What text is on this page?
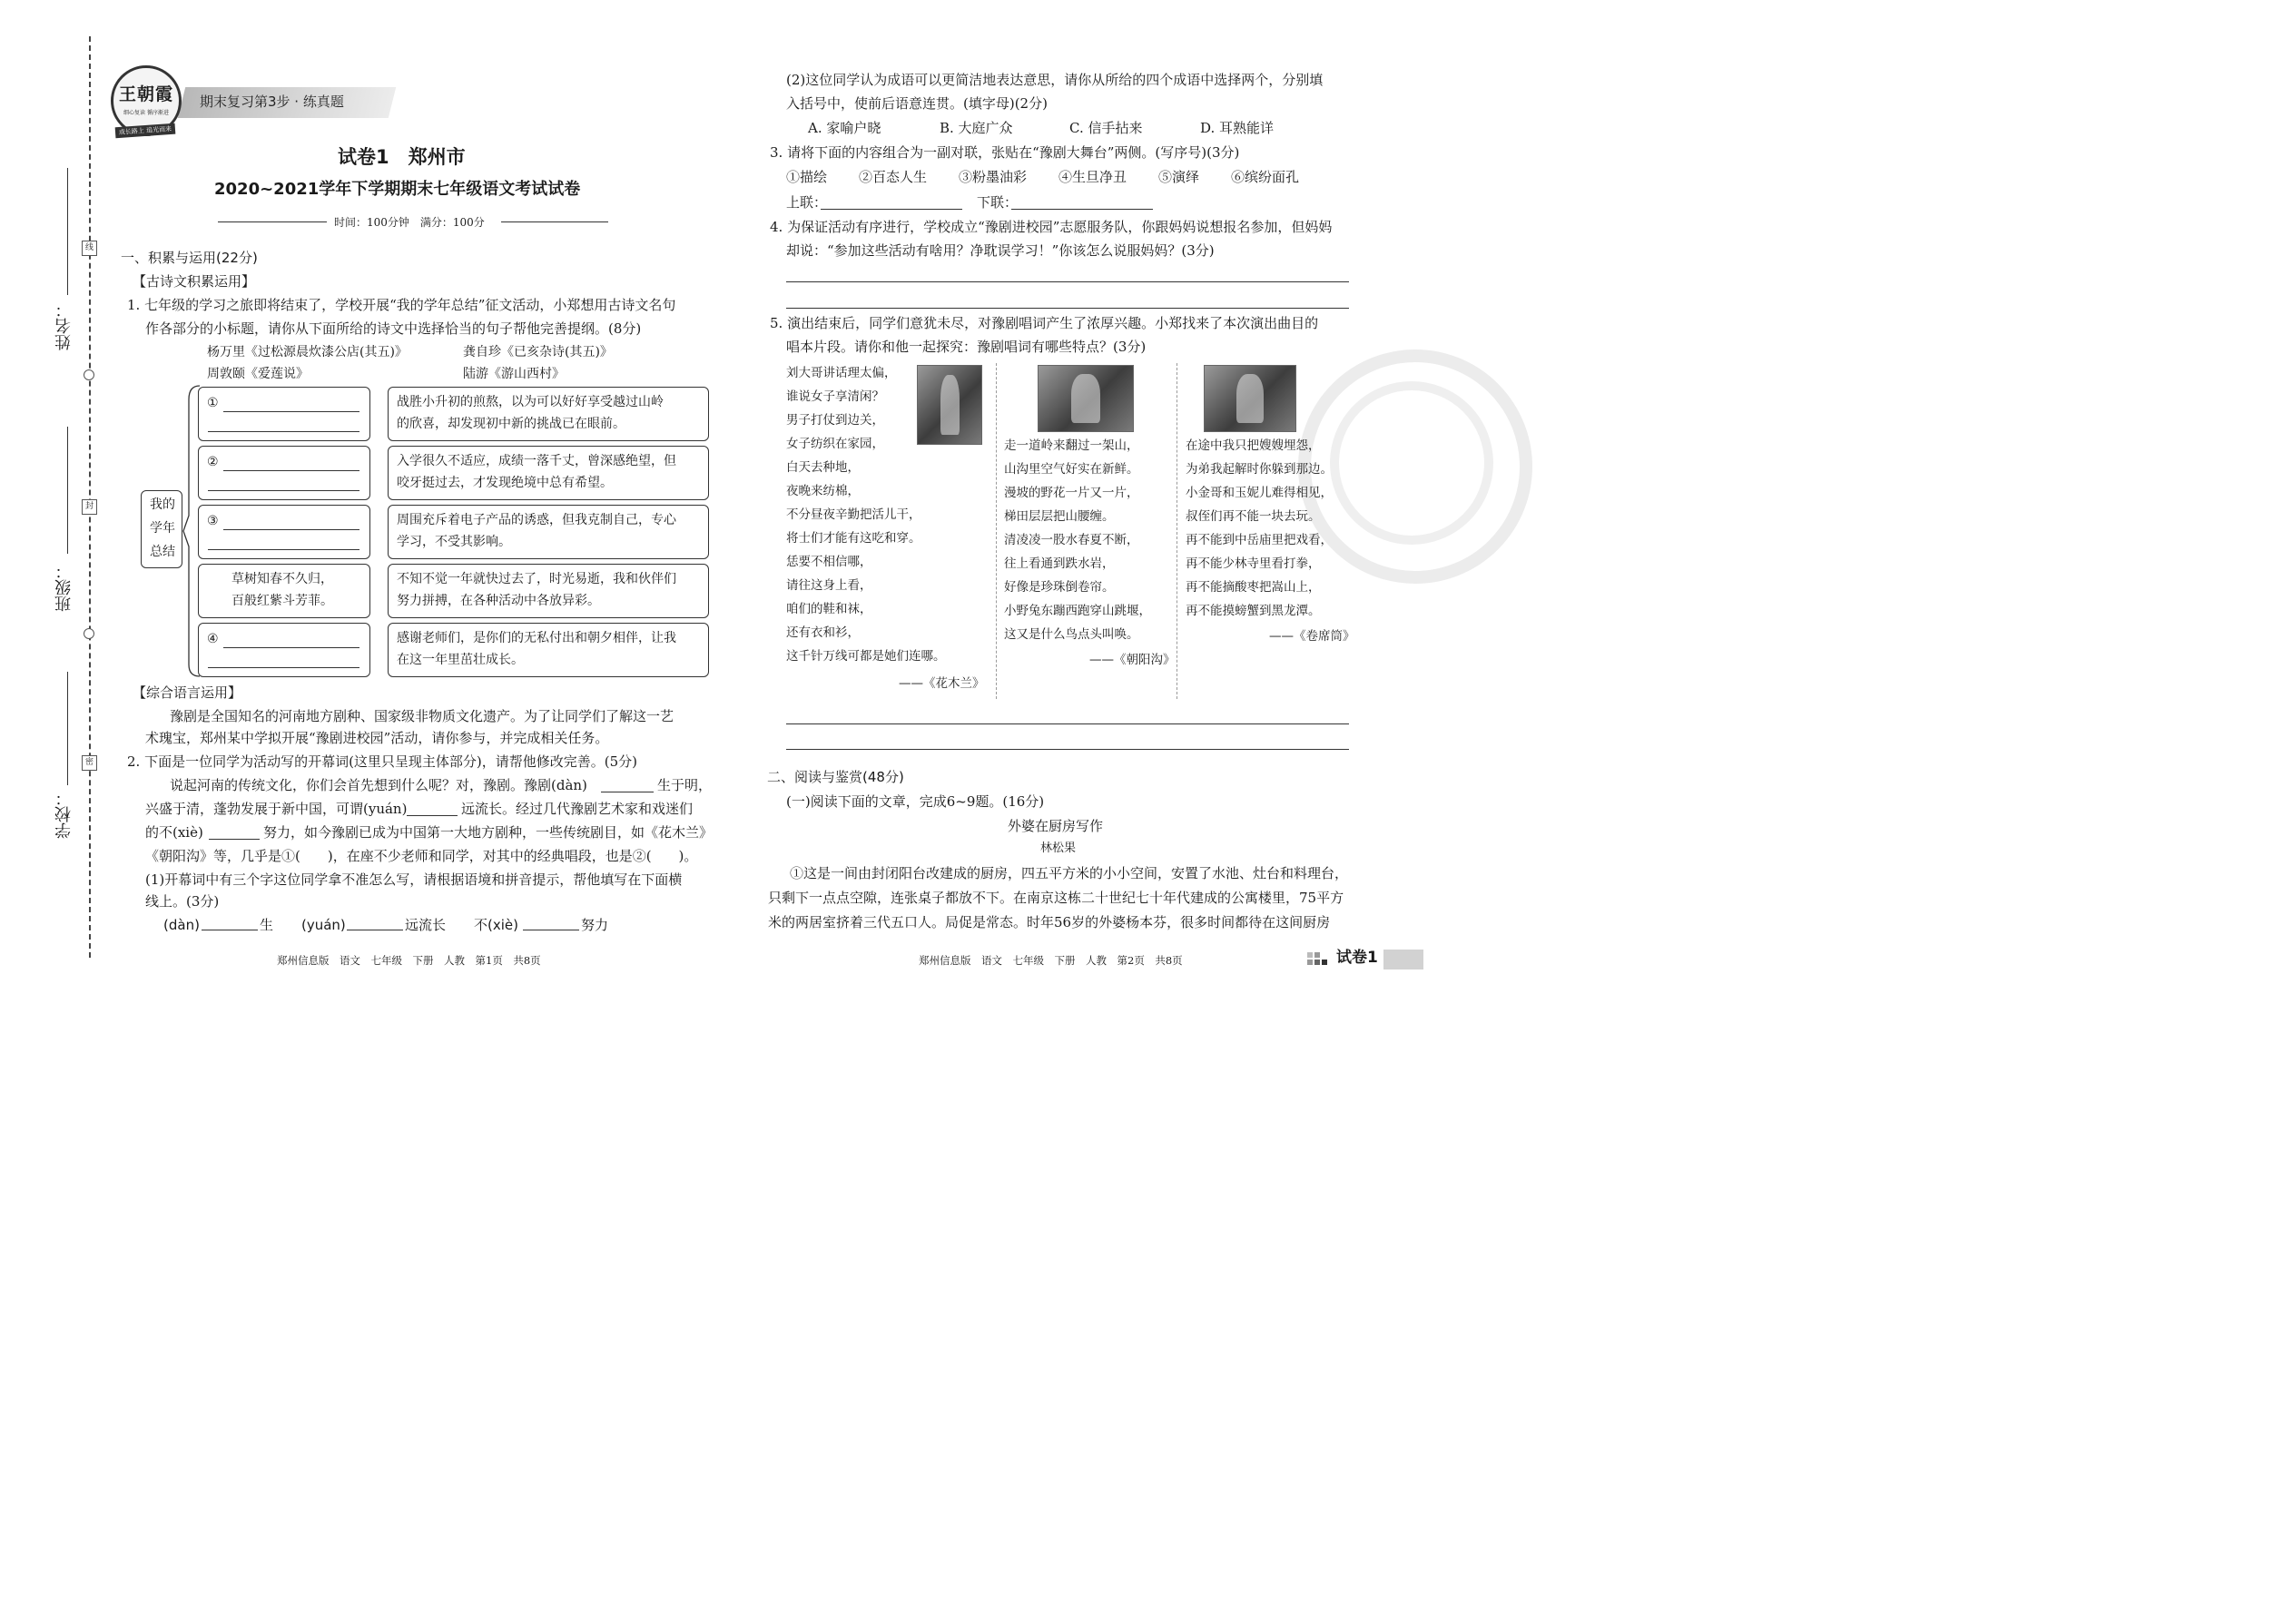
姓名：
班级：
学校：
线
封
密
期末复习第3步 · 练真题
王朝霞
细心复读 循序渐进
成长路上 追光而来
试卷1　郑州市
2020~2021学年下学期期末七年级语文考试试卷
时间：100分钟　满分：100分
一、积累与运用(22分)
【古诗文积累运用】
1. 七年级的学习之旅即将结束了，学校开展“我的学年总结”征文活动，小郑想用古诗文名句
作各部分的小标题，请你从下面所给的诗文中选择恰当的句子帮他完善提纲。(8分)
杨万里《过松源晨炊漆公店(其五)》	龚自珍《已亥杂诗(其五)》
周敦颐《爱莲说》	陆游《游山西村》
我的
学年
总结
①	战胜小升初的煎熬，以为可以好好享受越过山岭
的欣喜，却发现初中新的挑战已在眼前。
②	入学很久不适应，成绩一落千丈，曾深感绝望，但
咬牙挺过去，才发现绝境中总有希望。
③	周围充斥着电子产品的诱惑，但我克制自己，专心
学习，不受其影响。
草树知春不久归，
百般红紫斗芳菲。
不知不觉一年就快过去了，时光易逝，我和伙伴们
努力拼搏，在各种活动中各放异彩。
④	感谢老师们，是你们的无私付出和朝夕相伴，让我
在这一年里茁壮成长。
【综合语言运用】
豫剧是全国知名的河南地方剧种、国家级非物质文化遗产。为了让同学们了解这一艺
术瑰宝，郑州某中学拟开展“豫剧进校园”活动，请你参与，并完成相关任务。
2. 下面是一位同学为活动写的开幕词(这里只呈现主体部分)，请帮他修改完善。(5分)
说起河南的传统文化，你们会首先想到什么呢？对，豫剧。豫剧(dàn)	生于明，
兴盛于清，蓬勃发展于新中国，可谓(yuán)	远流长。经过几代豫剧艺术家和戏迷们
的不(xiè)	努力，如今豫剧已成为中国第一大地方剧种，一些传统剧目，如《花木兰》
《朝阳沟》等，几乎是①(　　)，在座不少老师和同学，对其中的经典唱段，也是②(　　)。
(1)开幕词中有三个字这位同学拿不准怎么写，请根据语境和拼音提示，帮他填写在下面横
线上。(3分)
(dàn)	生 (yuán)	远流长 不(xiè)	努力
郑州信息版　语文　七年级　下册　人教　第1页　共8页
(2)这位同学认为成语可以更简洁地表达意思，请你从所给的四个成语中选择两个，分别填
入括号中，使前后语意连贯。(填字母)(2分)
A. 家喻户晓	B. 大庭广众	C. 信手拈来	D. 耳熟能详
3. 请将下面的内容组合为一副对联，张贴在“豫剧大舞台”两侧。(写序号)(3分)
①描绘 ②百态人生 ③粉墨油彩 ④生旦净丑 ⑤演绎 ⑥缤纷面孔
上联：	下联：
4. 为保证活动有序进行，学校成立“豫剧进校园”志愿服务队，你跟妈妈说想报名参加，但妈妈
却说：“参加这些活动有啥用？净耽误学习！”你该怎么说服妈妈？(3分)
5. 演出结束后，同学们意犹未尽，对豫剧唱词产生了浓厚兴趣。小郑找来了本次演出曲目的
唱本片段。请你和他一起探究：豫剧唱词有哪些特点？(3分)
刘大哥讲话理太偏，
谁说女子享清闲？
男子打仗到边关，
女子纺织在家园，
白天去种地，
夜晚来纺棉，
不分昼夜辛勤把活儿干，
将士们才能有这吃和穿。
恁要不相信哪，
请往这身上看，
咱们的鞋和袜，
还有衣和衫，
这千针万线可都是她们连哪。
——《花木兰》
走一道岭来翻过一架山，
山沟里空气好实在新鲜。
漫坡的野花一片又一片，
梯田层层把山腰缠。
清凌凌一股水春夏不断，
往上看通到跌水岩，
好像是珍珠倒卷帘。
小野兔东蹦西跑穿山跳堰，
这又是什么鸟点头叫唤。
——《朝阳沟》
在途中我只把嫂嫂埋怨，
为弟我起解时你躲到那边。
小金哥和玉妮儿难得相见，
叔侄们再不能一块去玩。
再不能到中岳庙里把戏看，
再不能少林寺里看打拳，
再不能摘酸枣把嵩山上，
再不能摸螃蟹到黑龙潭。
——《卷席筒》
二、阅读与鉴赏(48分)
(一)阅读下面的文章，完成6~9题。(16分)
外婆在厨房写作
林松果
①这是一间由封闭阳台改建成的厨房，四五平方米的小小空间，安置了水池、灶台和料理台，
只剩下一点点空隙，连张桌子都放不下。在南京这栋二十世纪七十年代建成的公寓楼里，75平方
米的两居室挤着三代五口人。局促是常态。时年56岁的外婆杨本芬，很多时间都待在这间厨房
郑州信息版　语文　七年级　下册　人教　第2页　共8页	试卷1
